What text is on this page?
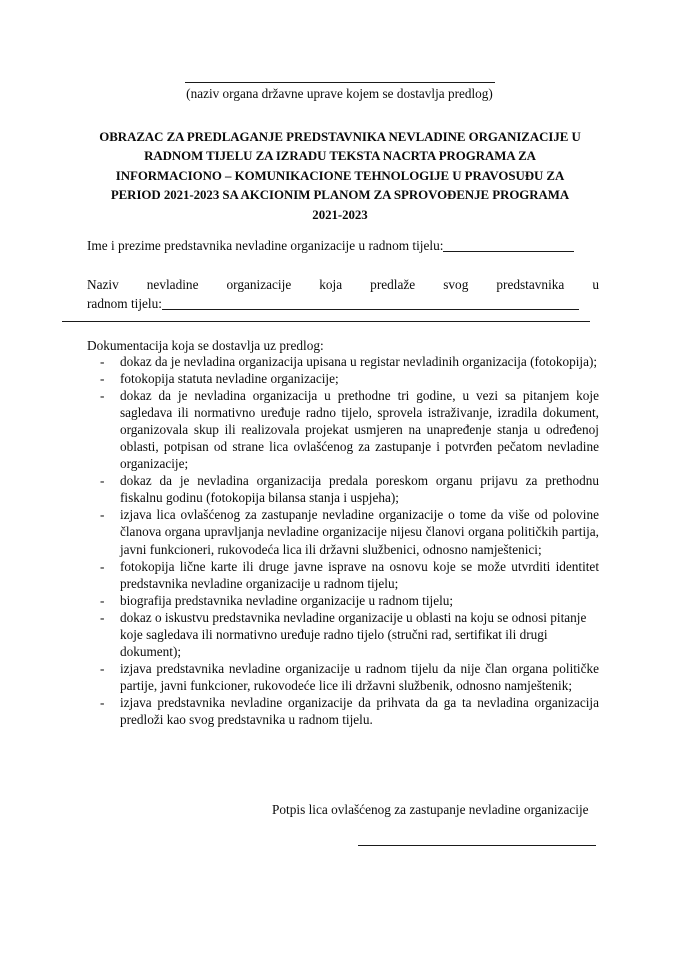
(naziv organa državne uprave kojem se dostavlja predlog)
OBRAZAC ZA PREDLAGANJE PREDSTAVNIKA NEVLADINE ORGANIZACIJE U
RADNOM TIJELU ZA IZRADU TEKSTA NACRTA PROGRAMA ZA
INFORMACIONO – KOMUNIKACIONE TEHNOLOGIJE U PRAVOSUĐU ZA
PERIOD 2021-2023 SA AKCIONIM PLANOM ZA SPROVOĐENJE PROGRAMA
2021-2023
Ime i prezime predstavnika nevladine organizacije u radnom tijelu:
Naziv nevladine organizacije koja predlaže svog predstavnika u
radnom tijelu:
Dokumentacija koja se dostavlja uz predlog:
- dokaz da je nevladina organizacija upisana u registar nevladinih organizacija (fotokopija);
- fotokopija statuta nevladine organizacije;
- dokaz da je nevladina organizacija u prethodne tri godine, u vezi sa pitanjem koje sagledava ili normativno uređuje radno tijelo, sprovela istraživanje, izradila dokument, organizovala skup ili realizovala projekat usmjeren na unapređenje stanja u određenoj oblasti, potpisan od strane lica ovlašćenog za zastupanje i potvrđen pečatom nevladine organizacije;
- dokaz da je nevladina organizacija predala poreskom organu prijavu za prethodnu fiskalnu godinu (fotokopija bilansa stanja i uspjeha);
- izjava lica ovlašćenog za zastupanje nevladine organizacije o tome da više od polovine članova organa upravljanja nevladine organizacije nijesu članovi organa političkih partija, javni funkcioneri, rukovodeća lica ili državni službenici, odnosno namještenici;
- fotokopija lične karte ili druge javne isprave na osnovu koje se može utvrditi identitet predstavnika nevladine organizacije u radnom tijelu;
- biografija predstavnika nevladine organizacije u radnom tijelu;
- dokaz o iskustvu predstavnika nevladine organizacije u oblasti na koju se odnosi pitanje
koje sagledava ili normativno uređuje radno tijelo (stručni rad, sertifikat ili drugi dokument);
- izjava predstavnika nevladine organizacije u radnom tijelu da nije član organa političke partije, javni funkcioner, rukovodeće lice ili državni službenik, odnosno namještenik;
- izjava predstavnika nevladine organizacije da prihvata da ga ta nevladina organizacija predloži kao svog predstavnika u radnom tijelu.
Potpis lica ovlašćenog za zastupanje nevladine organizacije
